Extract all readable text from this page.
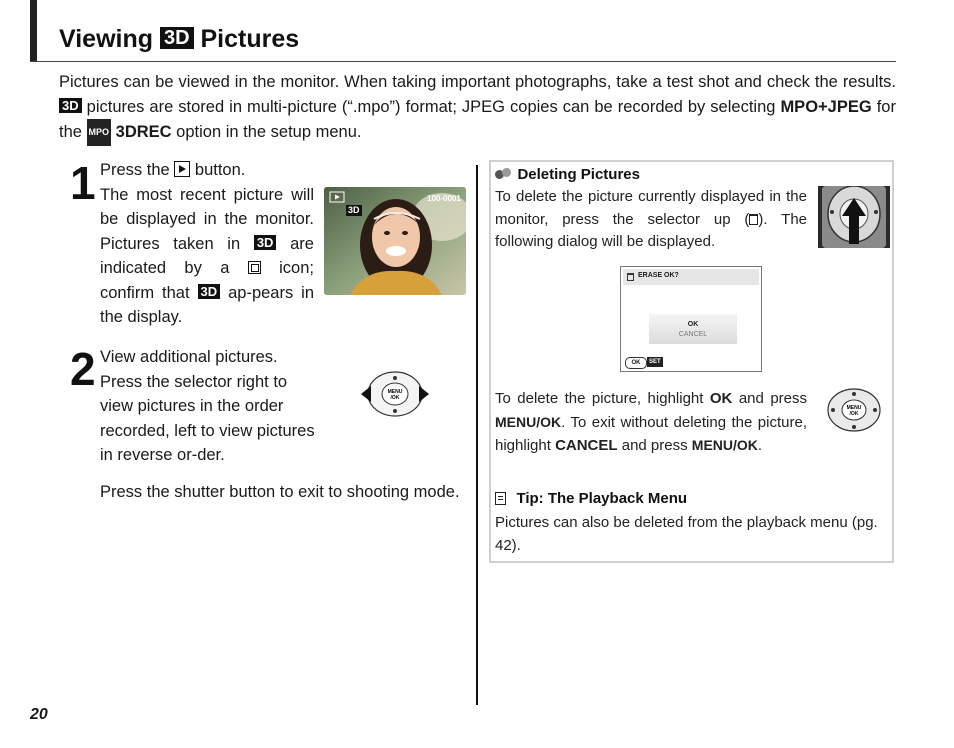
Viewing 3D Pictures
Pictures can be viewed in the monitor. When taking important photographs, take a test shot and check the results. 3D pictures are stored in multi-picture (“.mpo”) format; JPEG copies can be recorded by selecting MPO+JPEG for the MPO 3DREC option in the setup menu.
1 Press the button.
The most recent picture will be displayed in the monitor. Pictures taken in 3D are indicated by a	icon; confirm that 3D ap-pears in the display.
3D
100-0001
2 View additional pictures.
Press the selector right to view pictures in the order recorded, left to view pictures in reverse or-der.
Press the shutter button to exit to shooting mode.
MENU
/OK
Deleting Pictures
To delete the picture currently displayed in the monitor, press the selector up ( ). The following dialog will be displayed.
ERASE OK?
OK
CANCEL
OK	SET
To delete the picture, highlight OK and press MENU/OK. To exit without deleting the picture, highlight CANCEL and press MENU/OK.
MENU
/OK
Tip: The Playback Menu
Pictures can also be deleted from the playback menu (pg. 42).
20
